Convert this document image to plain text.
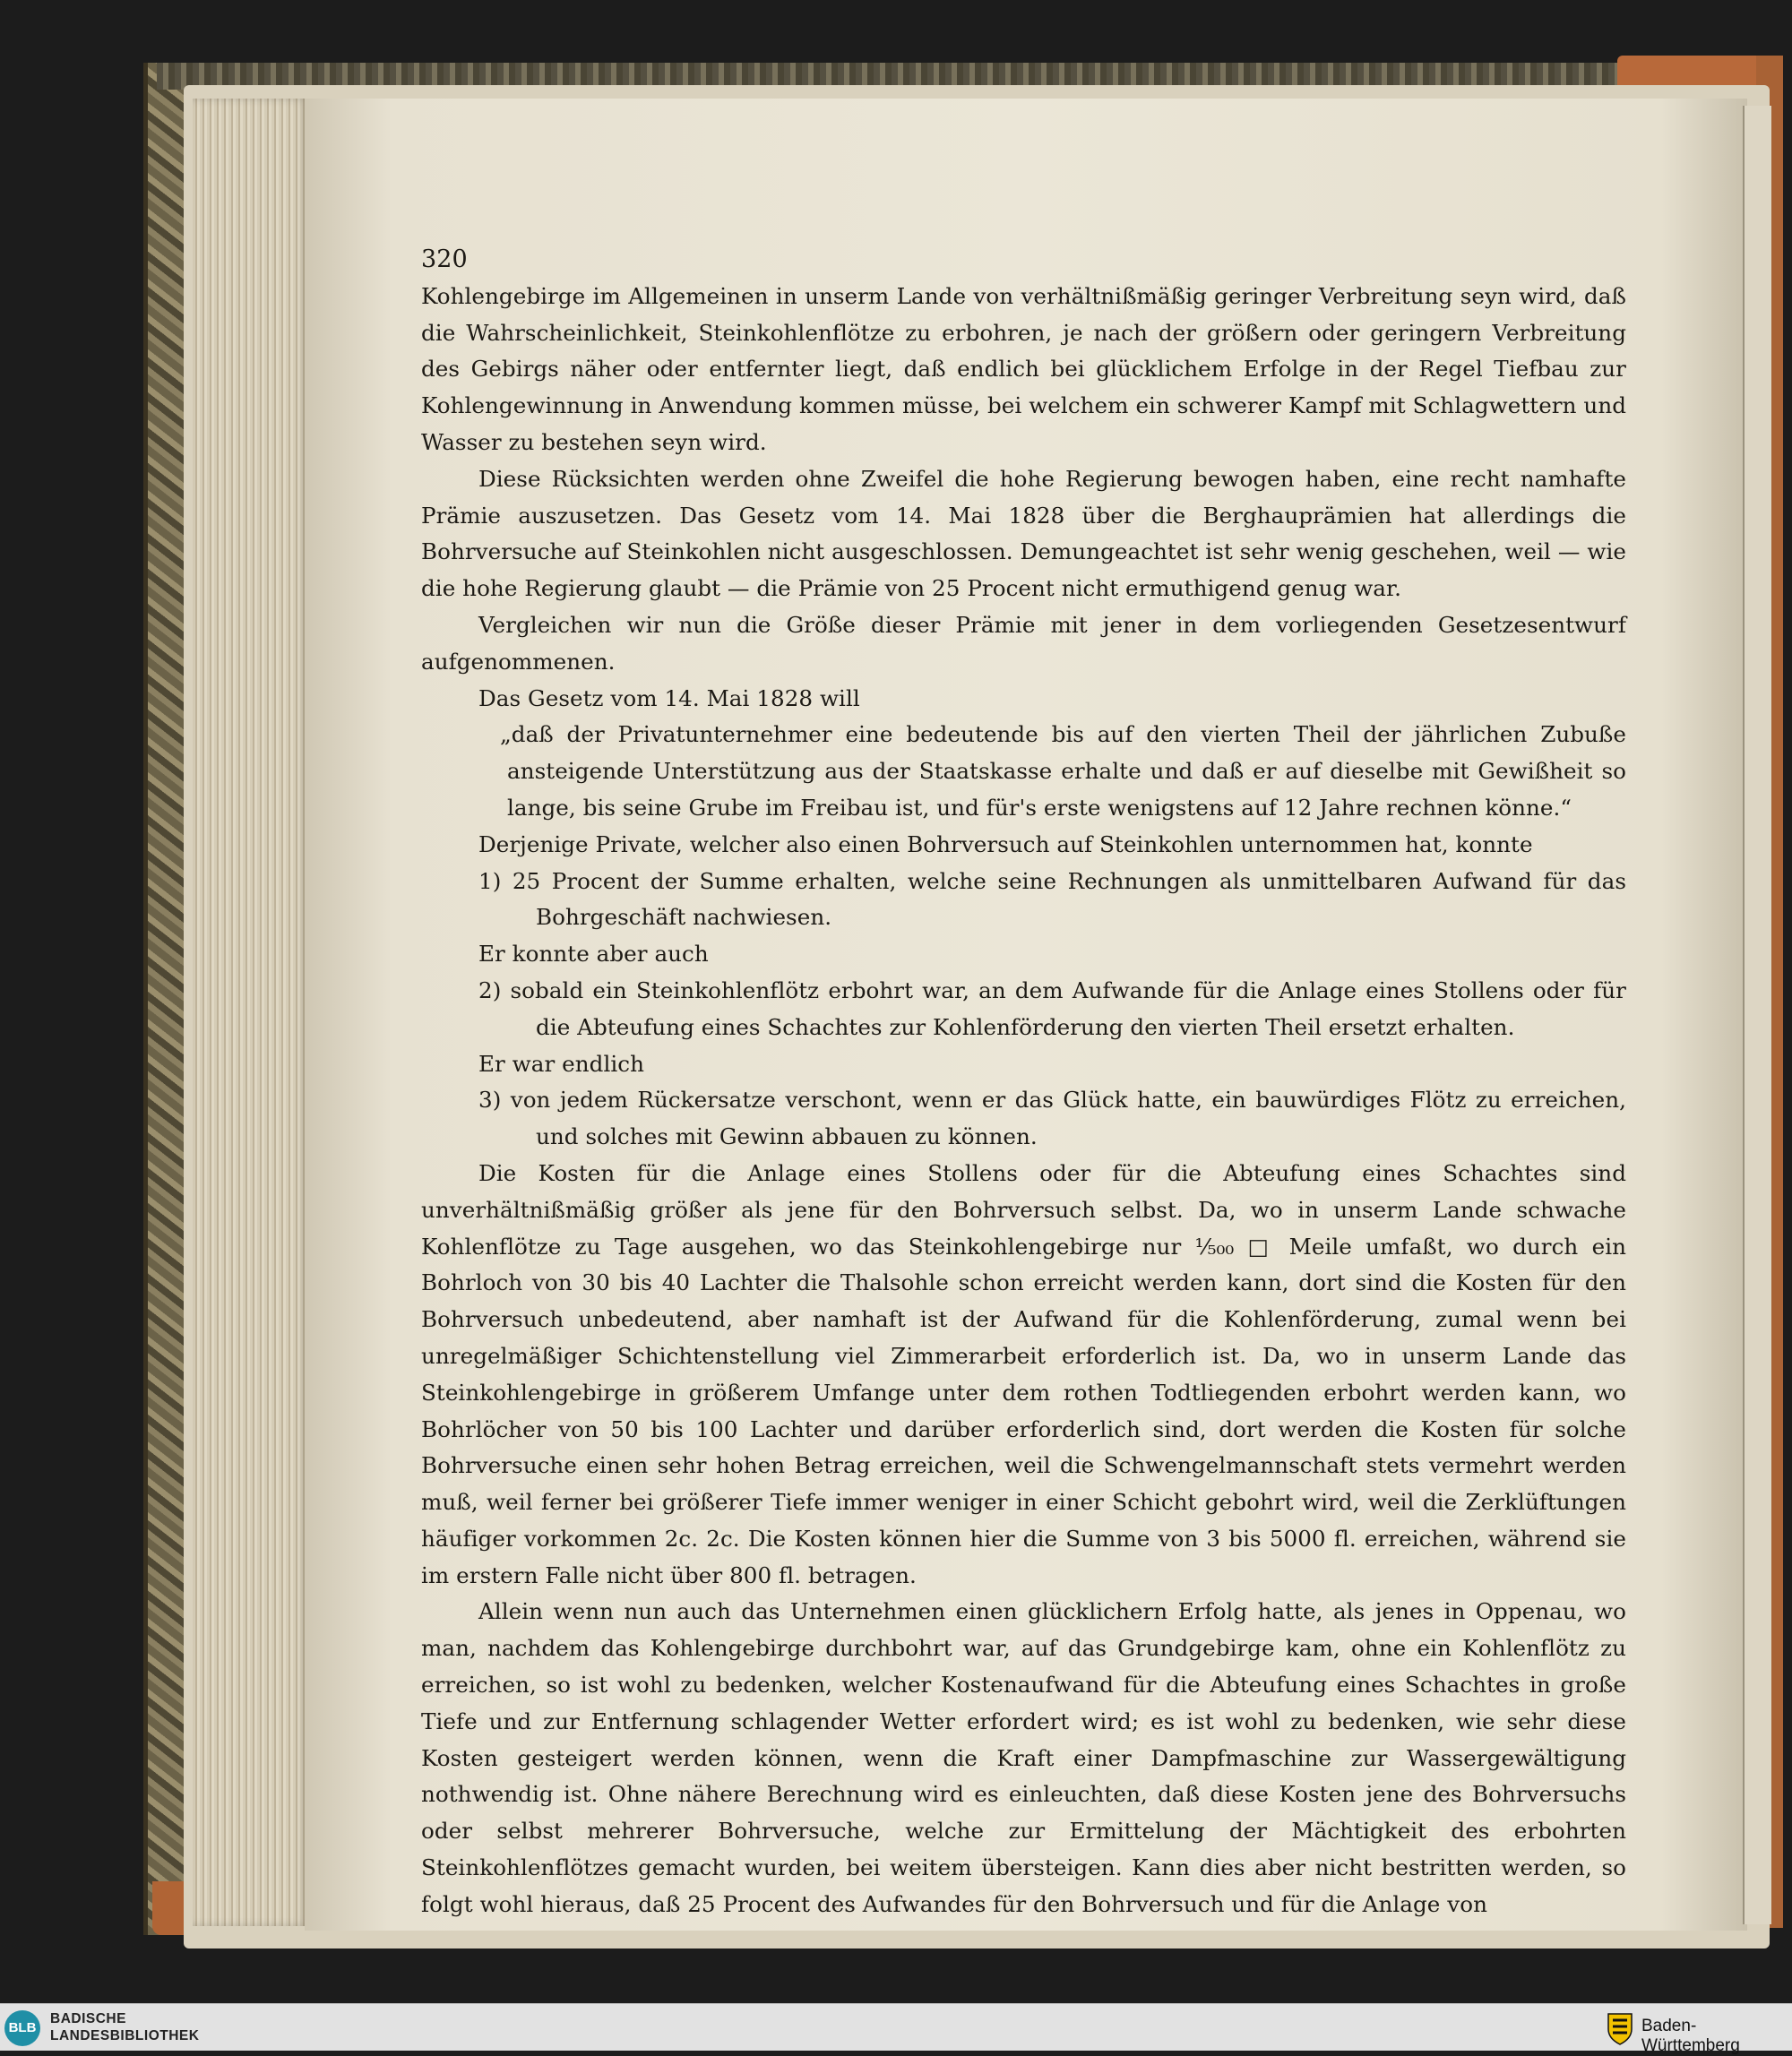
320

Kohlengebirge im Allgemeinen in unserm Lande von verhältnißmäßig geringer Verbreitung seyn wird, daß die Wahrscheinlichkeit, Steinkohlenflötze zu erbohren, je nach der größern oder geringern Verbreitung des Gebirgs näher oder entfernter liegt, daß endlich bei glücklichem Erfolge in der Regel Tiefbau zur Kohlengewinnung in Anwendung kommen müsse, bei welchem ein schwerer Kampf mit Schlagwettern und Wasser zu bestehen seyn wird.

Diese Rücksichten werden ohne Zweifel die hohe Regierung bewogen haben, eine recht namhafte Prämie auszusetzen. Das Gesetz vom 14. Mai 1828 über die Berghauprämien hat allerdings die Bohrversuche auf Steinkohlen nicht ausgeschlossen. Demungeachtet ist sehr wenig geschehen, weil — wie die hohe Regierung glaubt — die Prämie von 25 Procent nicht ermuthigend genug war.

Vergleichen wir nun die Größe dieser Prämie mit jener in dem vorliegenden Gesetzesentwurf aufgenommenen.

Das Gesetz vom 14. Mai 1828 will

„daß der Privatunternehmer eine bedeutende bis auf den vierten Theil der jährlichen Zubuße ansteigende Unterstützung aus der Staatskasse erhalte und daß er auf dieselbe mit Gewißheit so lange, bis seine Grube im Freibau ist, und für's erste wenigstens auf 12 Jahre rechnen könne.“

Derjenige Private, welcher also einen Bohrversuch auf Steinkohlen unternommen hat, konnte

1) 25 Procent der Summe erhalten, welche seine Rechnungen als unmittelbaren Aufwand für das Bohrgeschäft nachwiesen.

Er konnte aber auch

2) sobald ein Steinkohlenflötz erbohrt war, an dem Aufwande für die Anlage eines Stollens oder für die Abteufung eines Schachtes zur Kohlenförderung den vierten Theil ersetzt erhalten.

Er war endlich

3) von jedem Rückersatze verschont, wenn er das Glück hatte, ein bauwürdiges Flötz zu erreichen, und solches mit Gewinn abbauen zu können.

Die Kosten für die Anlage eines Stollens oder für die Abteufung eines Schachtes sind unverhältnißmäßig größer als jene für den Bohrversuch selbst. Da, wo in unserm Lande schwache Kohlenflötze zu Tage ausgehen, wo das Steinkohlengebirge nur ¹⁄₅₀₀ □ Meile umfaßt, wo durch ein Bohrloch von 30 bis 40 Lachter die Thalsohle schon erreicht werden kann, dort sind die Kosten für den Bohrversuch unbedeutend, aber namhaft ist der Aufwand für die Kohlenförderung, zumal wenn bei unregelmäßiger Schichtenstellung viel Zimmerarbeit erforderlich ist. Da, wo in unserm Lande das Steinkohlengebirge in größerem Umfange unter dem rothen Todtliegenden erbohrt werden kann, wo Bohrlöcher von 50 bis 100 Lachter und darüber erforderlich sind, dort werden die Kosten für solche Bohrversuche einen sehr hohen Betrag erreichen, weil die Schwengelmannschaft stets vermehrt werden muß, weil ferner bei größerer Tiefe immer weniger in einer Schicht gebohrt wird, weil die Zerklüftungen häufiger vorkommen 2c. 2c. Die Kosten können hier die Summe von 3 bis 5000 fl. erreichen, während sie im erstern Falle nicht über 800 fl. betragen.

Allein wenn nun auch das Unternehmen einen glücklichern Erfolg hatte, als jenes in Oppenau, wo man, nachdem das Kohlengebirge durchbohrt war, auf das Grundgebirge kam, ohne ein Kohlenflötz zu erreichen, so ist wohl zu bedenken, welcher Kostenaufwand für die Abteufung eines Schachtes in große Tiefe und zur Entfernung schlagender Wetter erfordert wird; es ist wohl zu bedenken, wie sehr diese Kosten gesteigert werden können, wenn die Kraft einer Dampfmaschine zur Wassergewältigung nothwendig ist. Ohne nähere Berechnung wird es einleuchten, daß diese Kosten jene des Bohrversuchs oder selbst mehrerer Bohrversuche, welche zur Ermittelung der Mächtigkeit des erbohrten Steinkohlenflötzes gemacht wurden, bei weitem übersteigen. Kann dies aber nicht bestritten werden, so folgt wohl hieraus, daß 25 Procent des Aufwandes für den Bohrversuch und für die Anlage von

BLB
BADISCHE
LANDESBIBLIOTHEK
Baden-Württemberg
